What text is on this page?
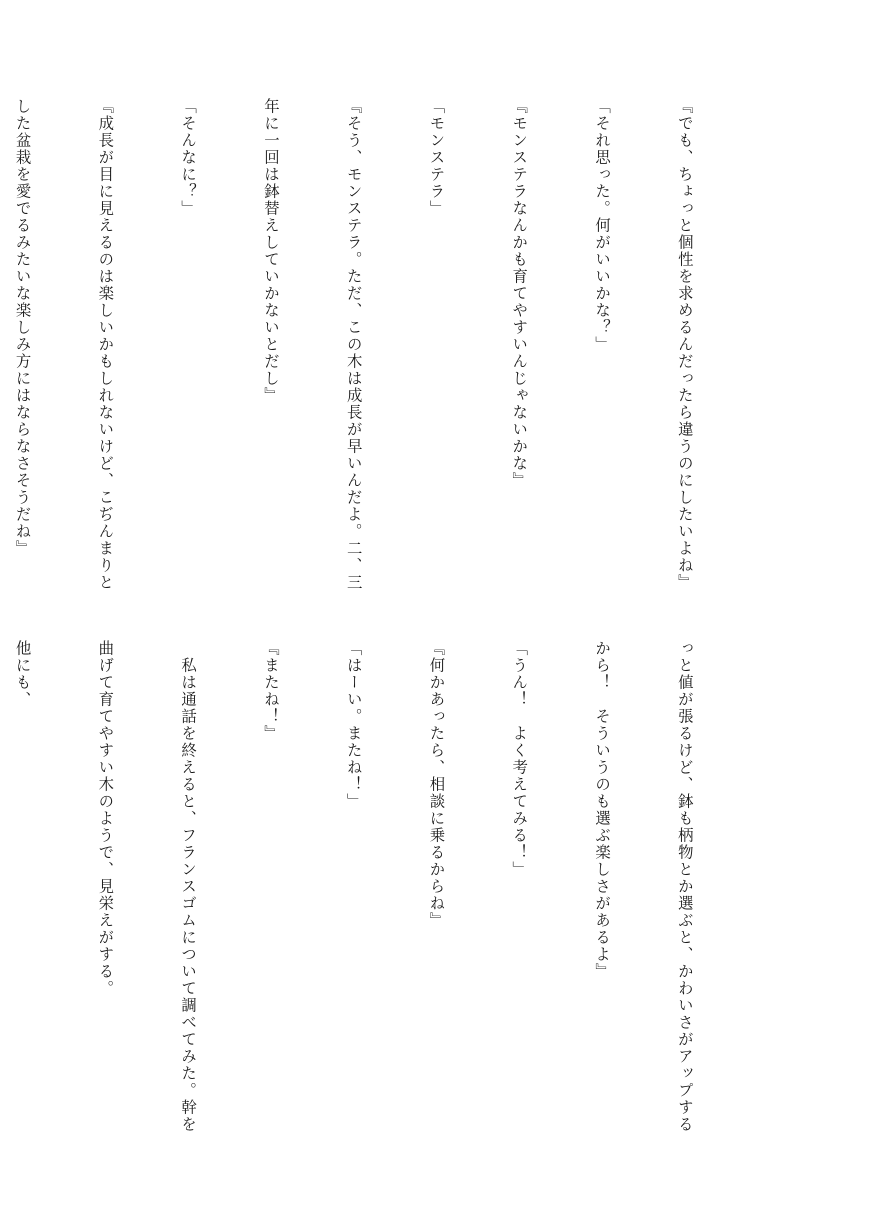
『でも、ちょっと個性を求めるんだったら違うのにしたいよね』

「それ思った。何がいいかな？」

『モンステラなんかも育てやすいんじゃないかな』

「モンステラ」

『そう、モンステラ。ただ、この木は成長が早いんだよ。二、三

年に一回は鉢替えしていかないとだし』

「そんなに？」

『成長が目に見えるのは楽しいかもしれないけど、こぢんまりと

した盆栽を愛でるみたいな楽しみ方にはならなさそうだね』

っと値が張るけど、鉢も柄物とか選ぶと、かわいさがアップする

から！　そういうのも選ぶ楽しさがあるよ』

「うん！　よく考えてみる！」

『何かあったら、相談に乗るからね』

「はーい。またね！」

『またね！』

　私は通話を終えると、フランスゴムについて調べてみた。幹を

曲げて育てやすい木のようで、見栄えがする。

他にも、
